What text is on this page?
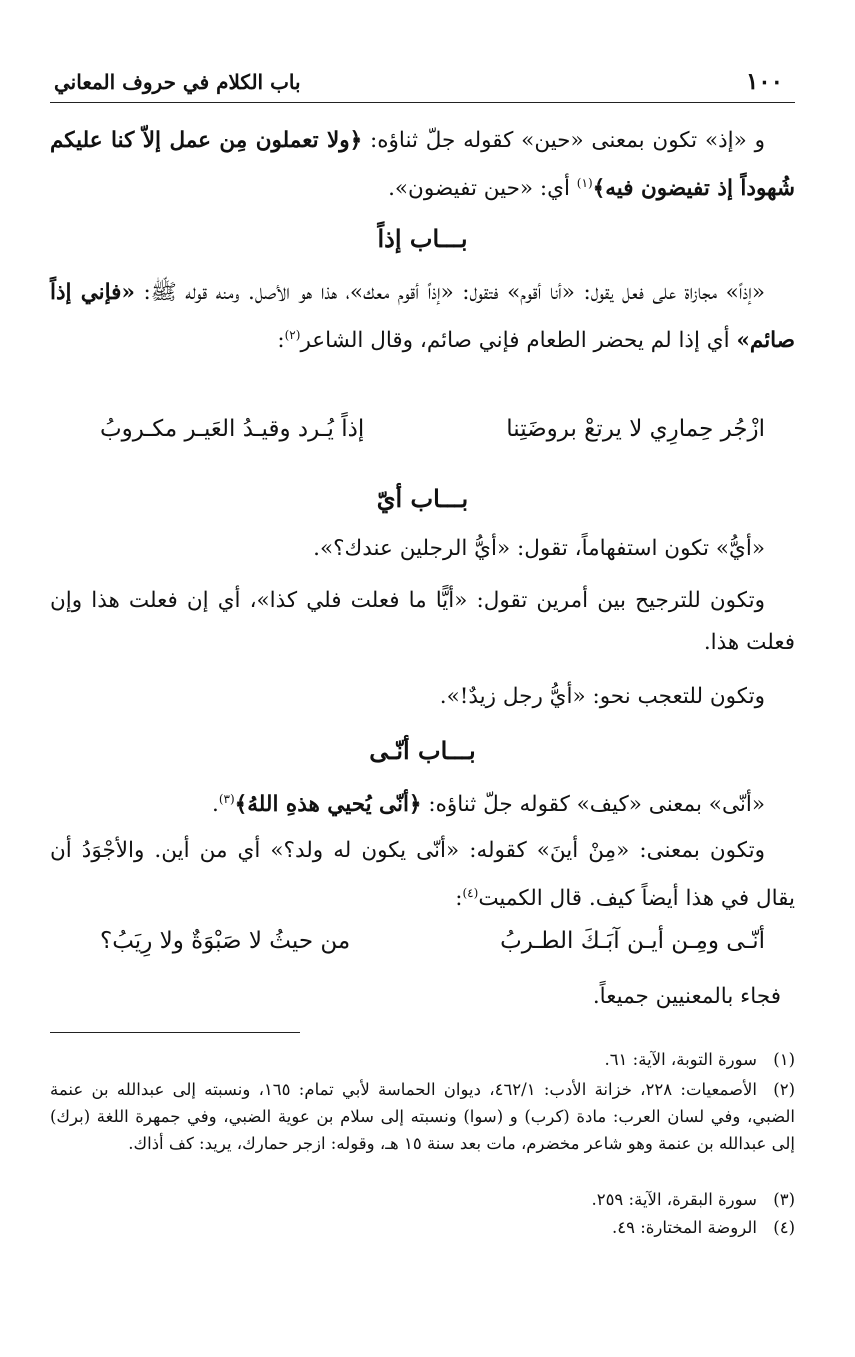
١٠٠
باب الكلام في حروف المعاني
و «إذ» تكون بمعنى «حين» كقوله جلّ ثناؤه: ﴿ولا تعملون مِن عمل إلاّ كنا عليكم شُهوداً إذ تفيضون فيه﴾$^{(١)}$ أي: «حين تفيضون».
بـــاب إذاً
«إذاً» مجازاة على فعل يقول: «أنا أقوم» فتقول: «إذاً أقوم معك»، هذا هو الأصل. ومنه قوله ﷺ: «فإني إذاً صائم» أي إذا لم يحضر الطعام فإني صائم، وقال الشاعر$^{(٢)}$:
ازْجُر حِمارِي لا يرتعْ بروضَتِنا
إذاً يُـرد وقيـدُ العَيـر مكـروبُ
بـــاب أيّ
«أيُّ» تكون استفهاماً، تقول: «أيُّ الرجلين عندك؟».
وتكون للترجيح بين أمرين تقول: «أيًّا ما فعلت فلي كذا»، أي إن فعلت هذا وإن فعلت هذا.
وتكون للتعجب نحو: «أيُّ رجل زيدٌ!».
بـــاب أنّـى
«أنّى» بمعنى «كيف» كقوله جلّ ثناؤه: ﴿أنّى يُحيي هذهِ اللهُ﴾$^{(٣)}$.
وتكون بمعنى: «مِنْ أينَ» كقوله: «أنّى يكون له ولد؟» أي من أين. والأجْوَدُ أن يقال في هذا أيضاً كيف. قال الكميت$^{(٤)}$:
أنّـى ومِـن أيـن آبَـكَ الطـربُ
من حيثُ لا صَبْوَةٌ ولا رِيَبُ؟
فجاء بالمعنيين جميعاً.
(١)سورة التوبة، الآية: ٦١.
(٢)الأصمعيات: ٢٢٨، خزانة الأدب: ٤٦٢/١، ديوان الحماسة لأبي تمام: ١٦٥، ونسبته إلى عبدالله بن عنمة الضبي، وفي لسان العرب: مادة (كرب) و (سوا) ونسبته إلى سلام بن عوية الضبي، وفي جمهرة اللغة (برك) إلى عبدالله بن عنمة وهو شاعر مخضرم، مات بعد سنة ١٥ هـ، وقوله: ازجر حمارك، يريد: كف أذاك.
(٣)سورة البقرة، الآية: ٢٥٩.
(٤)الروضة المختارة: ٤٩.
